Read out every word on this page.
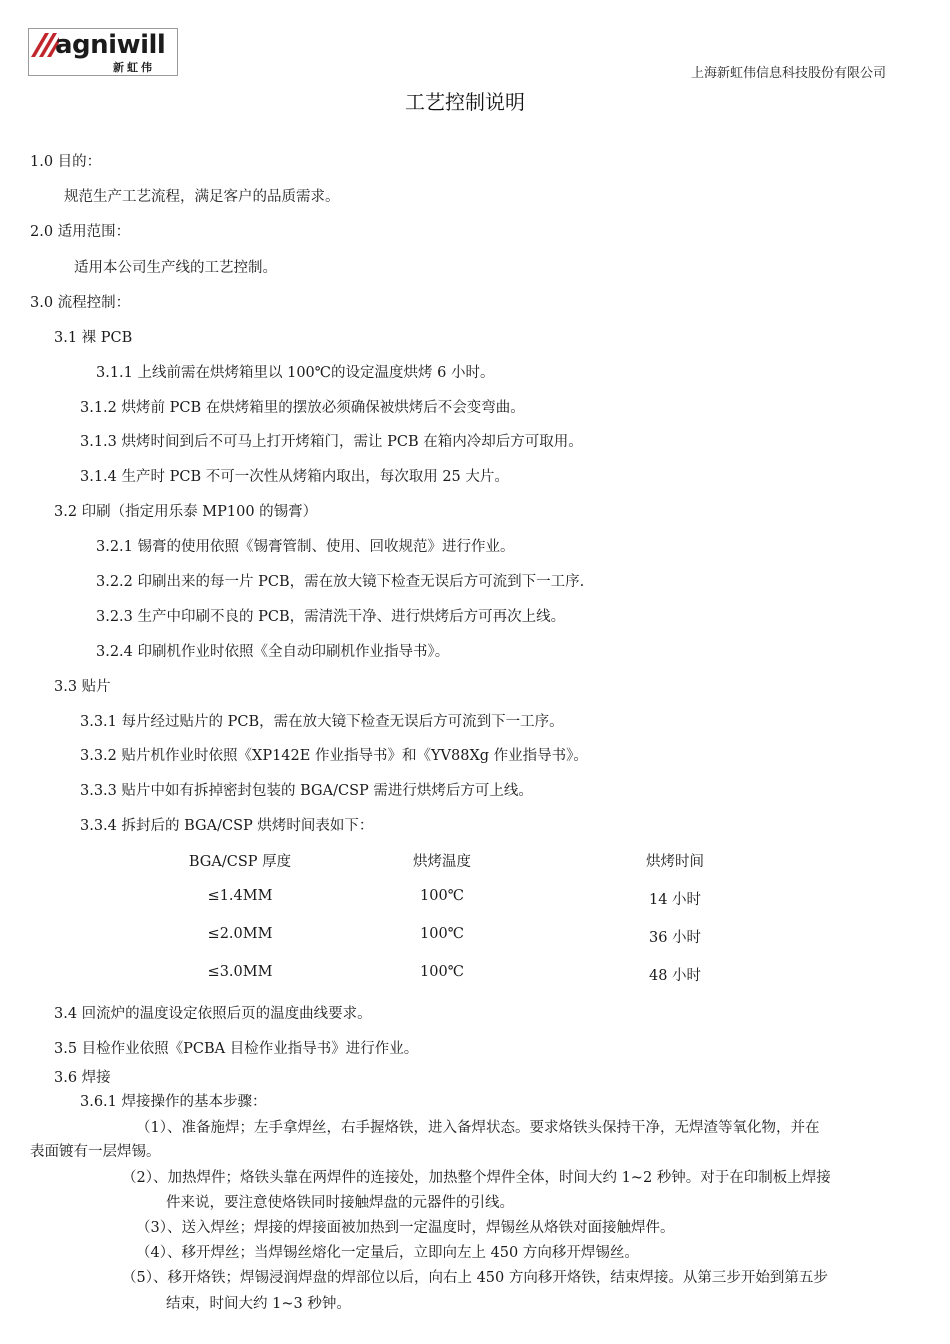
agniwill
新虹伟	上海新虹伟信息科技股份有限公司
工艺控制说明
1.0 目的：
规范生产工艺流程，满足客户的品质需求。
2.0 适用范围：
适用本公司生产线的工艺控制。
3.0 流程控制：
3.1 裸 PCB
3.1.1 上线前需在烘烤箱里以 100℃的设定温度烘烤 6 小时。
3.1.2 烘烤前 PCB 在烘烤箱里的摆放必须确保被烘烤后不会变弯曲。
3.1.3 烘烤时间到后不可马上打开烤箱门，需让 PCB 在箱内冷却后方可取用。
3.1.4 生产时 PCB 不可一次性从烤箱内取出，每次取用 25 大片。
3.2 印刷（指定用乐泰 MP100 的锡膏）
3.2.1 锡膏的使用依照《锡膏管制、使用、回收规范》进行作业。
3.2.2 印刷出来的每一片 PCB，需在放大镜下检查无误后方可流到下一工序.
3.2.3 生产中印刷不良的 PCB，需清洗干净、进行烘烤后方可再次上线。
3.2.4 印刷机作业时依照《全自动印刷机作业指导书》。
3.3 贴片
3.3.1 每片经过贴片的 PCB，需在放大镜下检查无误后方可流到下一工序。
3.3.2 贴片机作业时依照《XP142E 作业指导书》和《YV88Xg 作业指导书》。
3.3.3 贴片中如有拆掉密封包装的 BGA/CSP 需进行烘烤后方可上线。
3.3.4 拆封后的 BGA/CSP 烘烤时间表如下：
BGA/CSP 厚度	烘烤温度	烘烤时间
≤1.4MM	100℃	14 小时
≤2.0MM	100℃	36 小时
≤3.0MM	100℃	48 小时
3.4 回流炉的温度设定依照后页的温度曲线要求。
3.5 目检作业依照《PCBA 目检作业指导书》进行作业。
3.6 焊接
3.6.1 焊接操作的基本步骤：
（1）、准备施焊；左手拿焊丝，右手握烙铁，进入备焊状态。要求烙铁头保持干净，无焊渣等氧化物，并在
表面镀有一层焊锡。
（2）、加热焊件；烙铁头靠在两焊件的连接处，加热整个焊件全体，时间大约 1~2 秒钟。对于在印制板上焊接
件来说，要注意使烙铁同时接触焊盘的元器件的引线。
（3）、送入焊丝；焊接的焊接面被加热到一定温度时，焊锡丝从烙铁对面接触焊件。
（4）、移开焊丝；当焊锡丝熔化一定量后，立即向左上 450 方向移开焊锡丝。
（5）、移开烙铁；焊锡浸润焊盘的焊部位以后，向右上 450 方向移开烙铁，结束焊接。从第三步开始到第五步
结束，时间大约 1~3 秒钟。
